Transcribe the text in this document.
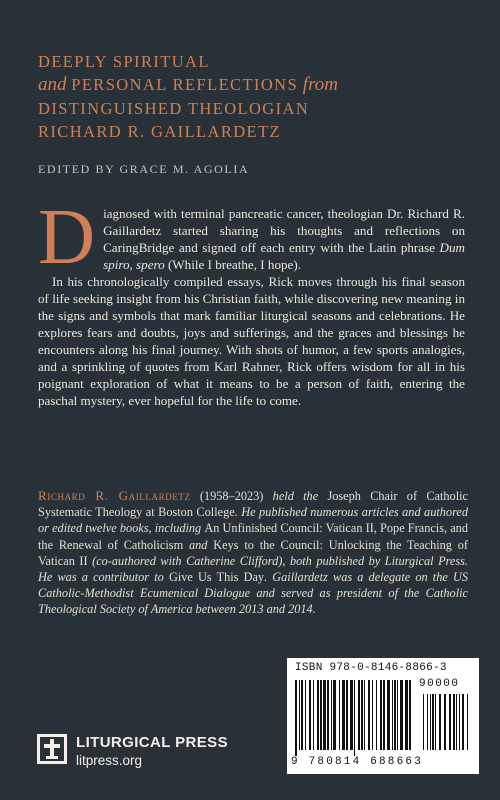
DEEPLY SPIRITUAL
and PERSONAL REFLECTIONS from
DISTINGUISHED THEOLOGIAN
RICHARD R. GAILLARDETZ
EDITED BY GRACE M. AGOLIA

Diagnosed with terminal pancreatic cancer, theologian Dr. Richard R. Gaillardetz started sharing his thoughts and reflections on CaringBridge and signed off each entry with the Latin phrase Dum spiro, spero (While I breathe, I hope).

In his chronologically compiled essays, Rick moves through his final season of life seeking insight from his Christian faith, while discovering new meaning in the signs and symbols that mark familiar liturgical seasons and celebrations. He explores fears and doubts, joys and sufferings, and the graces and blessings he encounters along his final journey. With shots of humor, a few sports analogies, and a sprinkling of quotes from Karl Rahner, Rick offers wisdom for all in his poignant exploration of what it means to be a person of faith, entering the paschal mystery, ever hopeful for the life to come.

Richard R. Gaillardetz (1958–2023) held the Joseph Chair of Catholic Systematic Theology at Boston College. He published numerous articles and authored or edited twelve books, including An Unfinished Council: Vatican II, Pope Francis, and the Renewal of Catholicism and Keys to the Council: Unlocking the Teaching of Vatican II (co-authored with Catherine Clifford), both published by Liturgical Press. He was a contributor to Give Us This Day. Gaillardetz was a delegate on the US Catholic-Methodist Ecumenical Dialogue and served as president of the Catholic Theological Society of America between 2013 and 2014.
ISBN 978-0-8146-8866-3
9 780814 688663
90000
LITURGICAL PRESS
litpress.org
